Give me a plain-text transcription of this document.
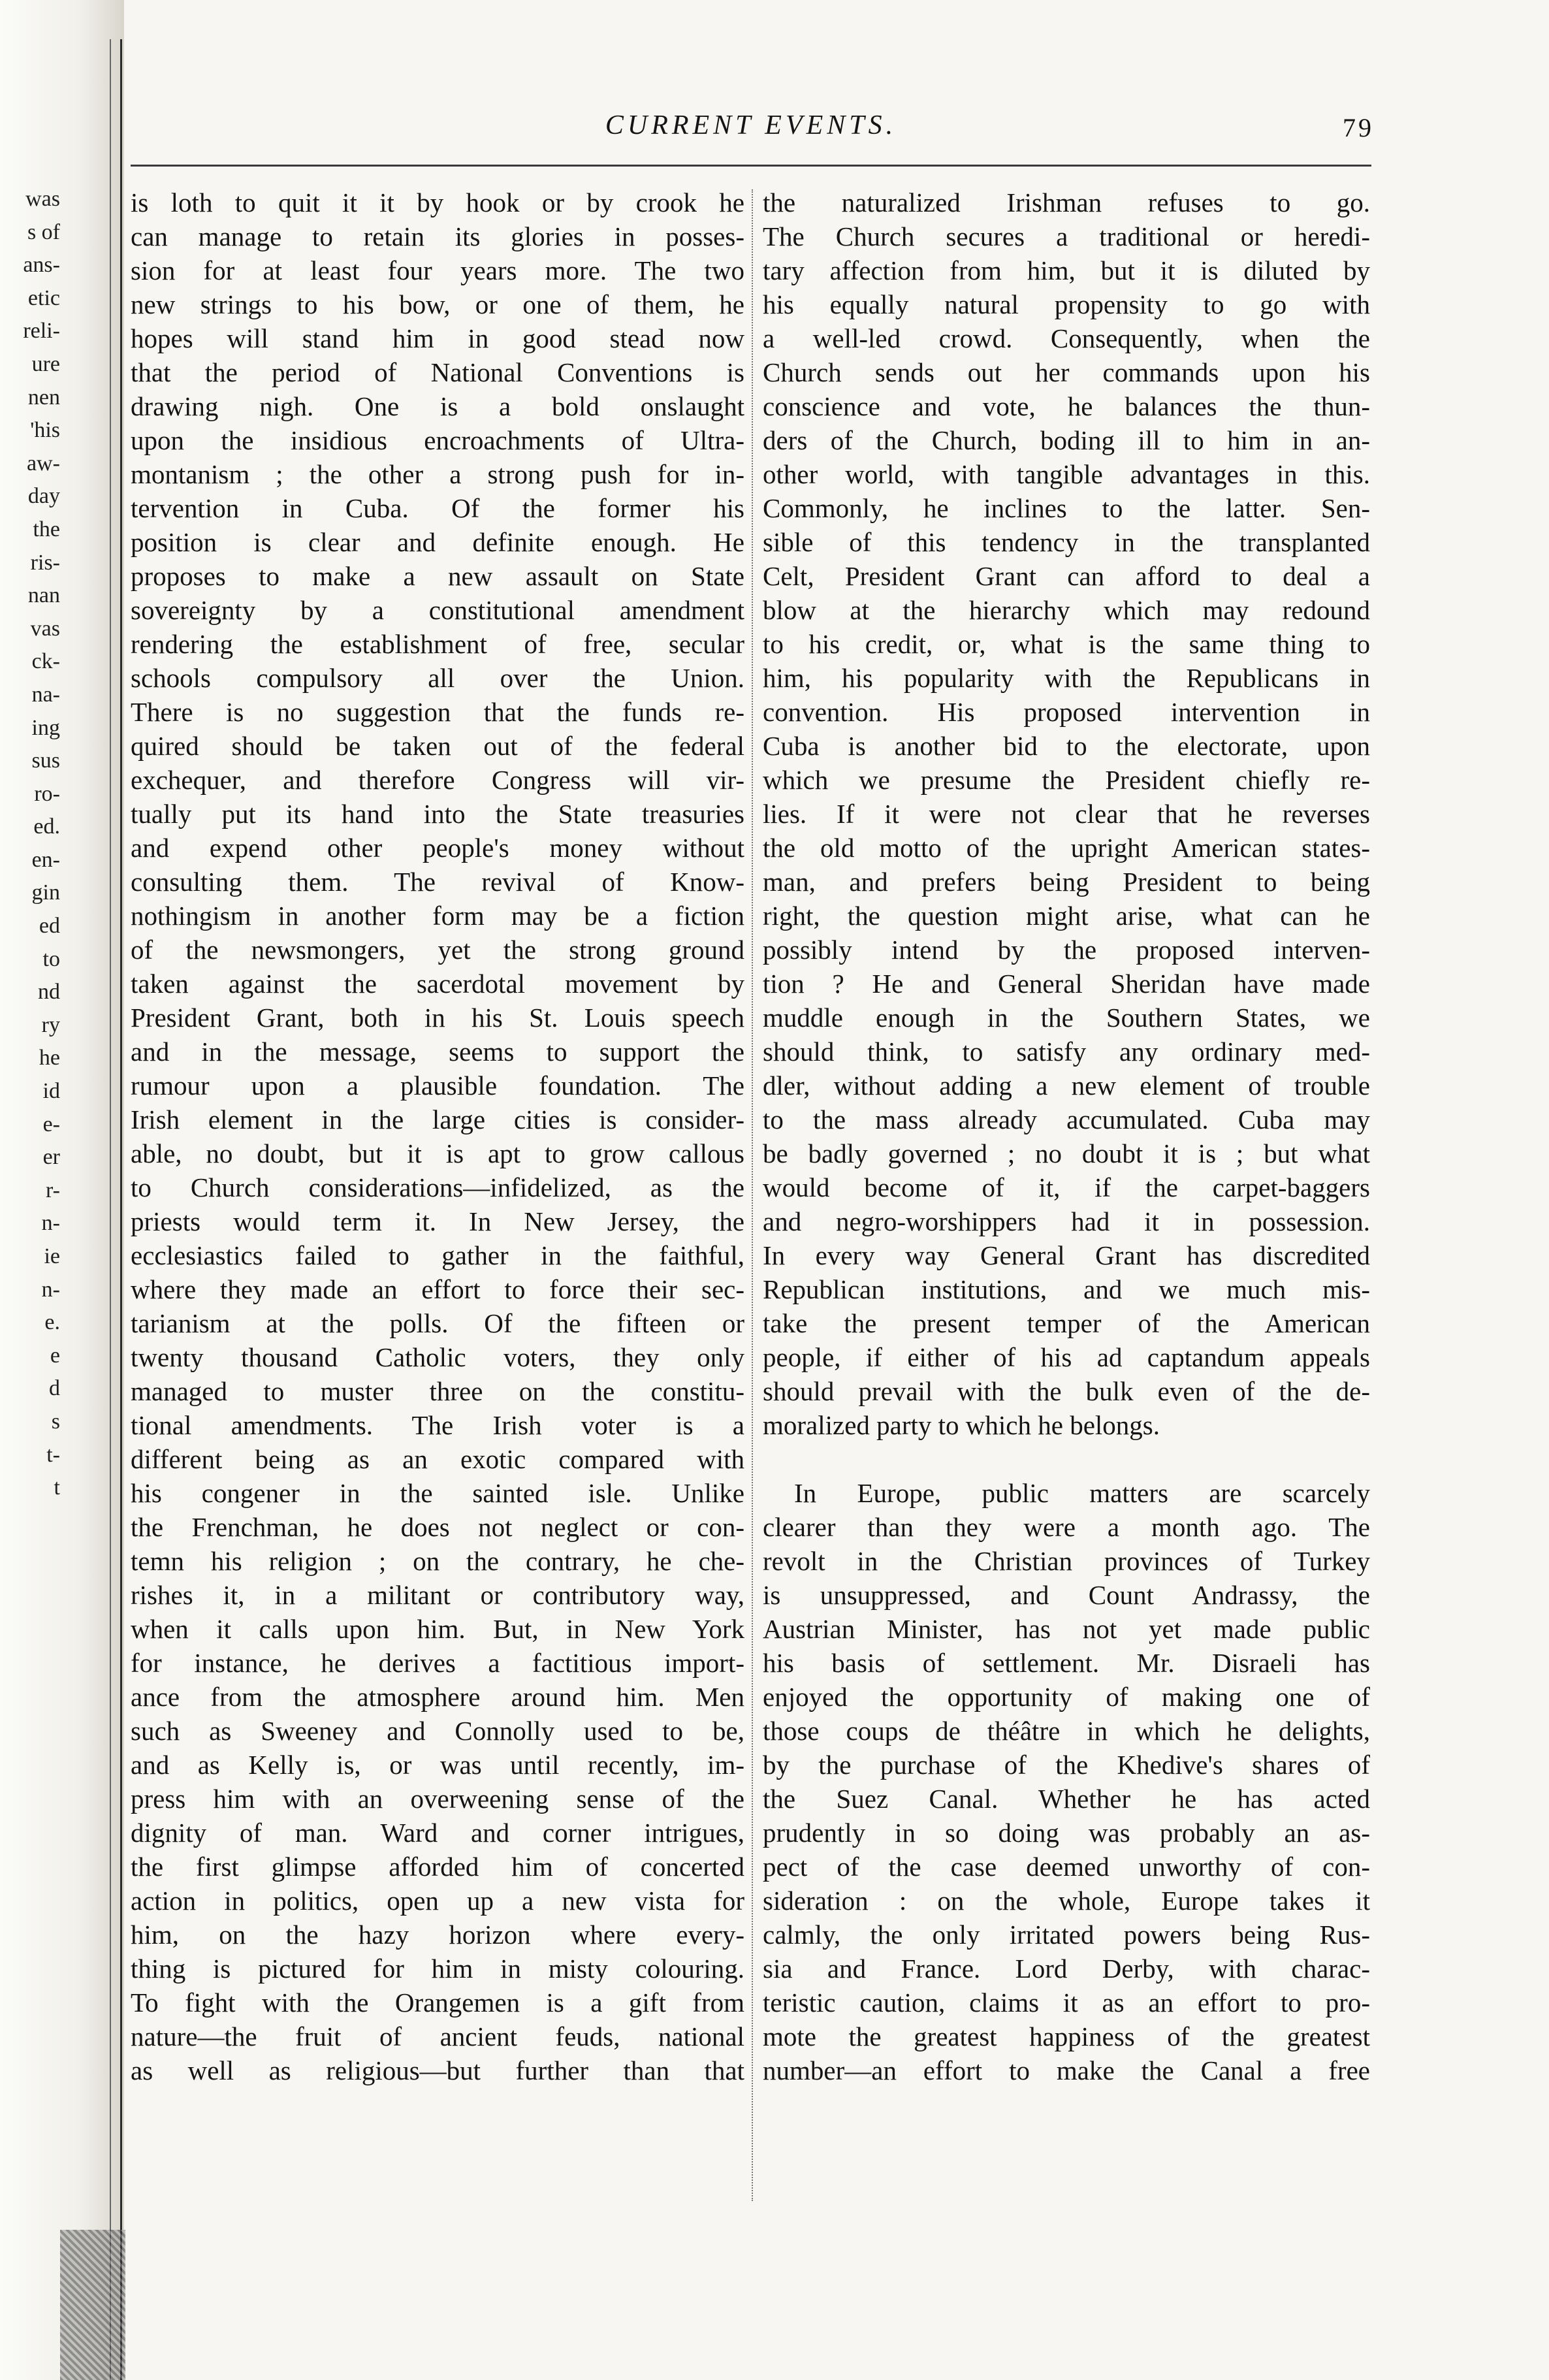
was
s of
ans-
etic
reli-
ure
nen
'his
aw-
day
the
ris-
nan
vas
ck-
na-
ing
sus
ro-
ed.
en-
gin
ed
to
nd
ry
he
id
e-
er
r-
n-
ie
n-
e.
e
d
s
t-
t
CURRENT EVENTS.	79
is loth to quit it it by hook or by crook he
can manage to retain its glories in posses-
sion for at least four years more. The two
new strings to his bow, or one of them, he
hopes will stand him in good stead now
that the period of National Conventions is
drawing nigh. One is a bold onslaught
upon the insidious encroachments of Ultra-
montanism ; the other a strong push for in-
tervention in Cuba. Of the former his
position is clear and definite enough. He
proposes to make a new assault on State
sovereignty by a constitutional amendment
rendering the establishment of free, secular
schools compulsory all over the Union.
There is no suggestion that the funds re-
quired should be taken out of the federal
exchequer, and therefore Congress will vir-
tually put its hand into the State treasuries
and expend other people's money without
consulting them. The revival of Know-
nothingism in another form may be a fiction
of the newsmongers, yet the strong ground
taken against the sacerdotal movement by
President Grant, both in his St. Louis speech
and in the message, seems to support the
rumour upon a plausible foundation. The
Irish element in the large cities is consider-
able, no doubt, but it is apt to grow callous
to Church considerations—infidelized, as the
priests would term it. In New Jersey, the
ecclesiastics failed to gather in the faithful,
where they made an effort to force their sec-
tarianism at the polls. Of the fifteen or
twenty thousand Catholic voters, they only
managed to muster three on the constitu-
tional amendments. The Irish voter is a
different being as an exotic compared with
his congener in the sainted isle. Unlike
the Frenchman, he does not neglect or con-
temn his religion ; on the contrary, he che-
rishes it, in a militant or contributory way,
when it calls upon him. But, in New York
for instance, he derives a factitious import-
ance from the atmosphere around him. Men
such as Sweeney and Connolly used to be,
and as Kelly is, or was until recently, im-
press him with an overweening sense of the
dignity of man. Ward and corner intrigues,
the first glimpse afforded him of concerted
action in politics, open up a new vista for
him, on the hazy horizon where every-
thing is pictured for him in misty colouring.
To fight with the Orangemen is a gift from
nature—the fruit of ancient feuds, national
as well as religious—but further than that
the naturalized Irishman refuses to go.
The Church secures a traditional or heredi-
tary affection from him, but it is diluted by
his equally natural propensity to go with
a well-led crowd. Consequently, when the
Church sends out her commands upon his
conscience and vote, he balances the thun-
ders of the Church, boding ill to him in an-
other world, with tangible advantages in this.
Commonly, he inclines to the latter. Sen-
sible of this tendency in the transplanted
Celt, President Grant can afford to deal a
blow at the hierarchy which may redound
to his credit, or, what is the same thing to
him, his popularity with the Republicans in
convention. His proposed intervention in
Cuba is another bid to the electorate, upon
which we presume the President chiefly re-
lies. If it were not clear that he reverses
the old motto of the upright American states-
man, and prefers being President to being
right, the question might arise, what can he
possibly intend by the proposed interven-
tion ? He and General Sheridan have made
muddle enough in the Southern States, we
should think, to satisfy any ordinary med-
dler, without adding a new element of trouble
to the mass already accumulated. Cuba may
be badly governed ; no doubt it is ; but what
would become of it, if the carpet-baggers
and negro-worshippers had it in possession.
In every way General Grant has discredited
Republican institutions, and we much mis-
take the present temper of the American
people, if either of his ad captandum appeals
should prevail with the bulk even of the de-
moralized party to which he belongs.
In Europe, public matters are scarcely
clearer than they were a month ago. The
revolt in the Christian provinces of Turkey
is unsuppressed, and Count Andrassy, the
Austrian Minister, has not yet made public
his basis of settlement. Mr. Disraeli has
enjoyed the opportunity of making one of
those coups de théâtre in which he delights,
by the purchase of the Khedive's shares of
the Suez Canal. Whether he has acted
prudently in so doing was probably an as-
pect of the case deemed unworthy of con-
sideration : on the whole, Europe takes it
calmly, the only irritated powers being Rus-
sia and France. Lord Derby, with charac-
teristic caution, claims it as an effort to pro-
mote the greatest happiness of the greatest
number—an effort to make the Canal a free
